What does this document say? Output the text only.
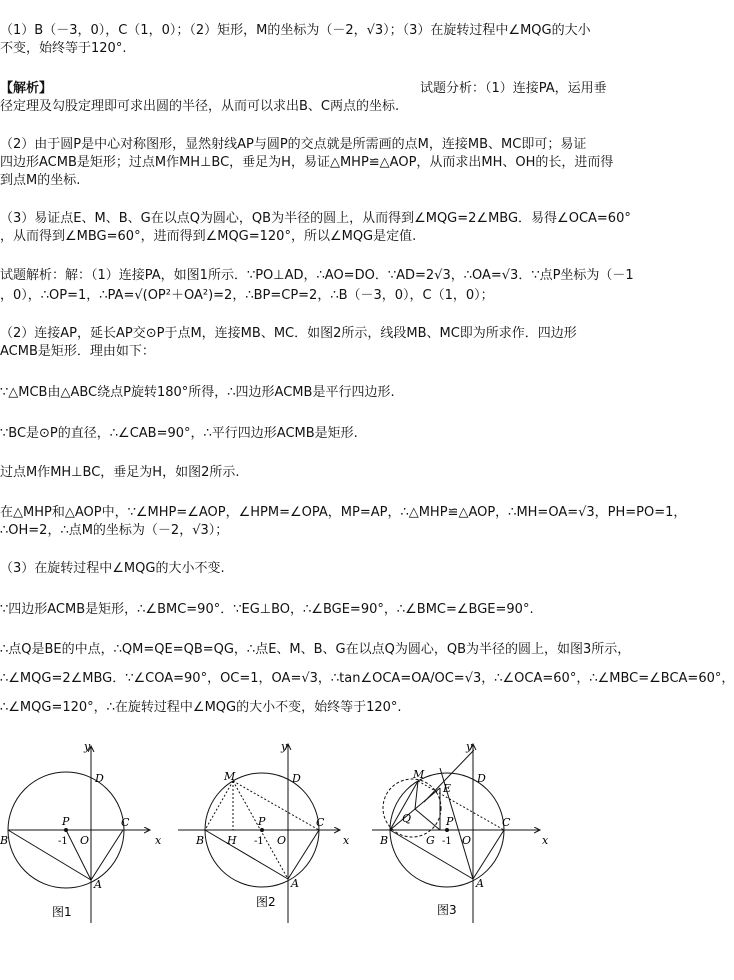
（1）B（－3，0），C（1，0）；（2）矩形，M的坐标为（－2，√3）；（3）在旋转过程中∠MQG的大小
不变，始终等于120°.
【解析】	试题分析：（1）连接PA，运用垂
径定理及勾股定理即可求出圆的半径，从而可以求出B、C两点的坐标.
（2）由于圆P是中心对称图形，显然射线AP与圆P的交点就是所需画的点M，连接MB、MC即可；易证
四边形ACMB是矩形；过点M作MH⊥BC，垂足为H，易证△MHP≌△AOP，从而求出MH、OH的长，进而得
到点M的坐标.
（3）易证点E、M、B、G在以点Q为圆心，QB为半径的圆上，从而得到∠MQG=2∠MBG．易得∠OCA=60°
，从而得到∠MBG=60°，进而得到∠MQG=120°，所以∠MQG是定值.
试题解析：解：（1）连接PA，如图1所示．∵PO⊥AD，∴AO=DO．∵AD=2√3，∴OA=√3．∵点P坐标为（－1
，0），∴OP=1，∴PA=√(OP²＋OA²)=2，∴BP=CP=2，∴B（－3，0），C（1，0）；
（2）连接AP，延长AP交⊙P于点M，连接MB、MC．如图2所示，线段MB、MC即为所求作．四边形
ACMB是矩形．理由如下：
∵△MCB由△ABC绕点P旋转180°所得，∴四边形ACMB是平行四边形.
∵BC是⊙P的直径，∴∠CAB=90°，∴平行四边形ACMB是矩形.
过点M作MH⊥BC，垂足为H，如图2所示.
在△MHP和△AOP中，∵∠MHP=∠AOP，∠HPM=∠OPA，MP=AP，∴△MHP≌△AOP，∴MH=OA=√3，PH=PO=1，
∴OH=2，∴点M的坐标为（－2，√3）；
（3）在旋转过程中∠MQG的大小不变.
∵四边形ACMB是矩形，∴∠BMC=90°．∵EG⊥BO，∴∠BGE=90°，∴∠BMC=∠BGE=90°.
∴点Q是BE的中点，∴QM=QE=QB=QG，∴点E、M、B、G在以点Q为圆心，QB为半径的圆上，如图3所示，
∴∠MQG=2∠MBG．∵∠COA=90°，OC=1，OA=√3，∴tan∠OCA=OA/OC=√3，∴∠OCA=60°，∴∠MBC=∠BCA=60°，
∴∠MQG=120°，∴在旋转过程中∠MQG的大小不变，始终等于120°.
y
x
D
P
-1 O
C
B
A
图1
y
x
D
M
P
H -1 O
C
B
A
图2
y
x
D
M
E
Q	P
G -1 O
C
B
A
图3
